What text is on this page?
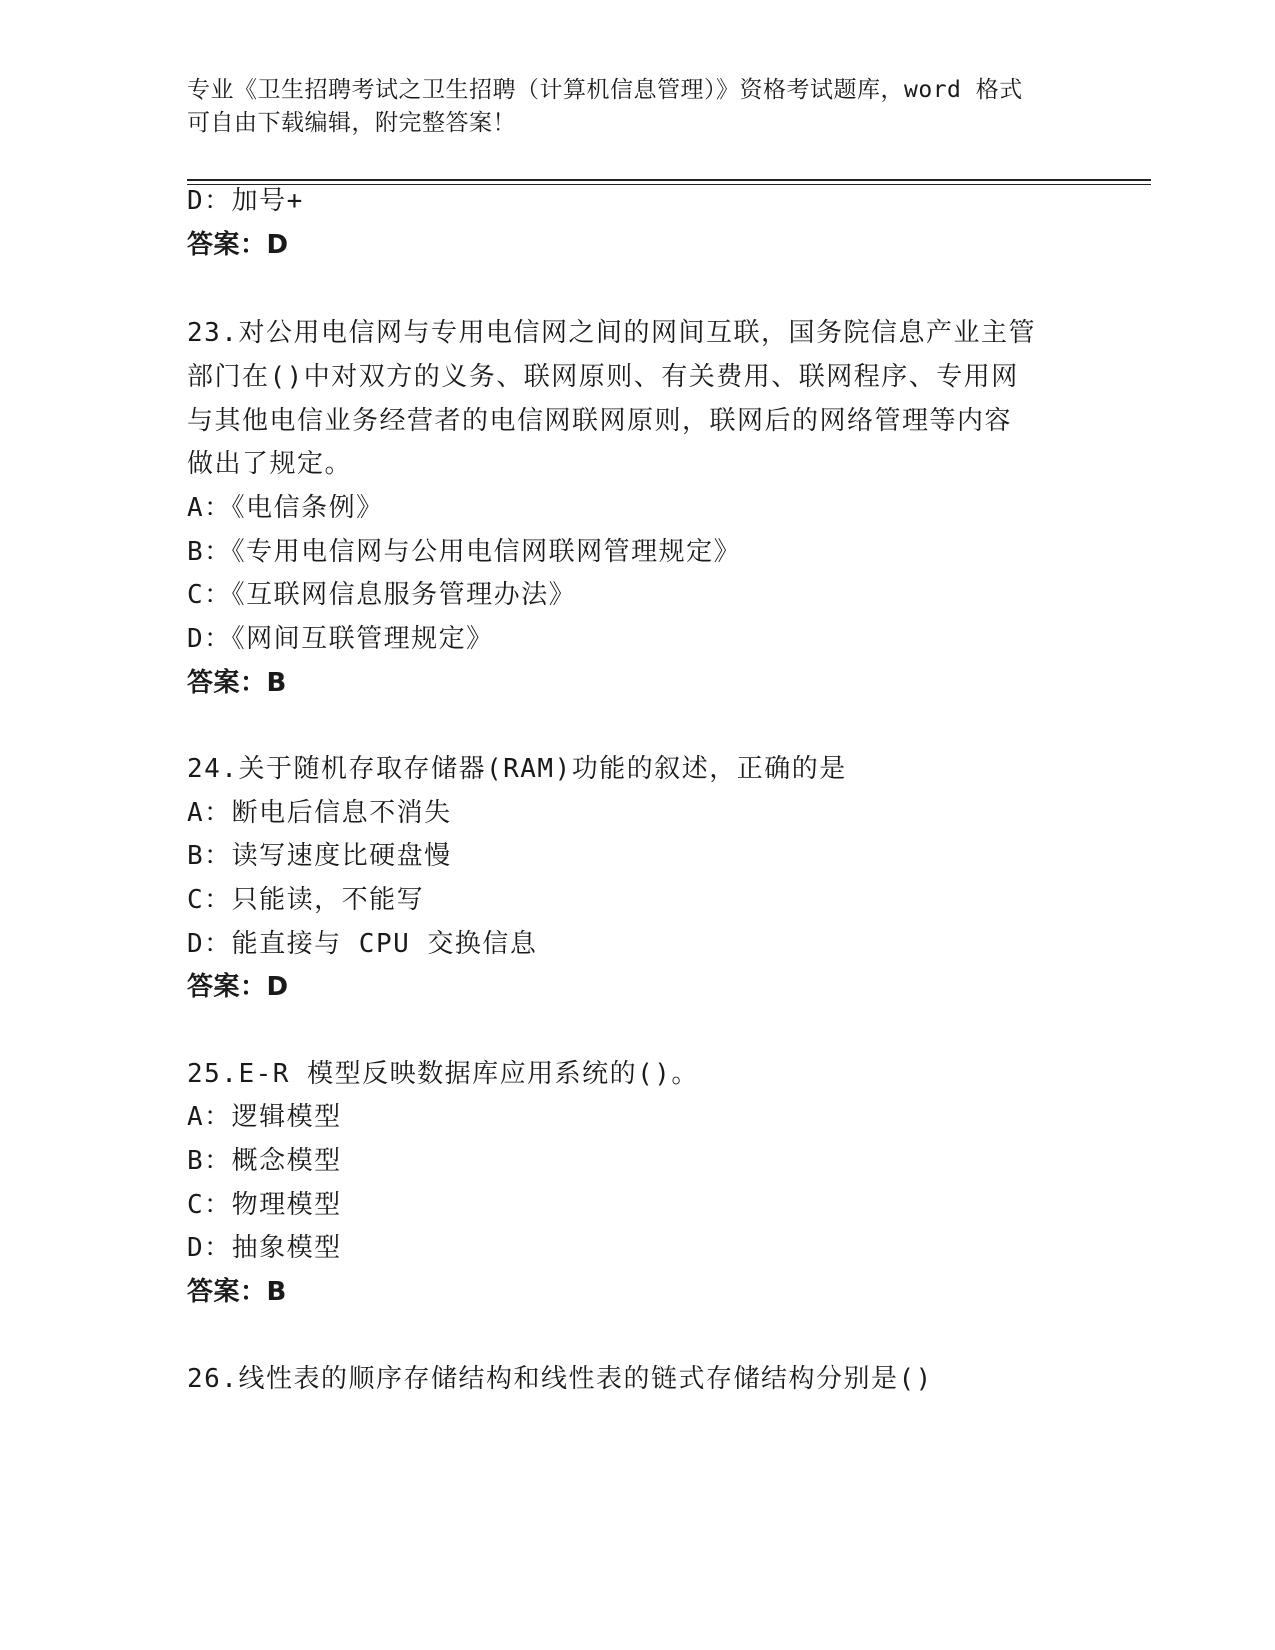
专业《卫生招聘考试之卫生招聘（计算机信息管理）》资格考试题库，word 格式
可自由下载编辑，附完整答案！
D：加号+
答案：D
23.对公用电信网与专用电信网之间的网间互联，国务院信息产业主管
部门在()中对双方的义务、联网原则、有关费用、联网程序、专用网
与其他电信业务经营者的电信网联网原则，联网后的网络管理等内容
做出了规定。
A：《电信条例》
B：《专用电信网与公用电信网联网管理规定》
C：《互联网信息服务管理办法》
D：《网间互联管理规定》
答案：B
24.关于随机存取存储器(RAM)功能的叙述，正确的是
A：断电后信息不消失
B：读写速度比硬盘慢
C：只能读，不能写
D：能直接与 CPU 交换信息
答案：D
25.E-R 模型反映数据库应用系统的()。
A：逻辑模型
B：概念模型
C：物理模型
D：抽象模型
答案：B
26.线性表的顺序存储结构和线性表的链式存储结构分别是()
